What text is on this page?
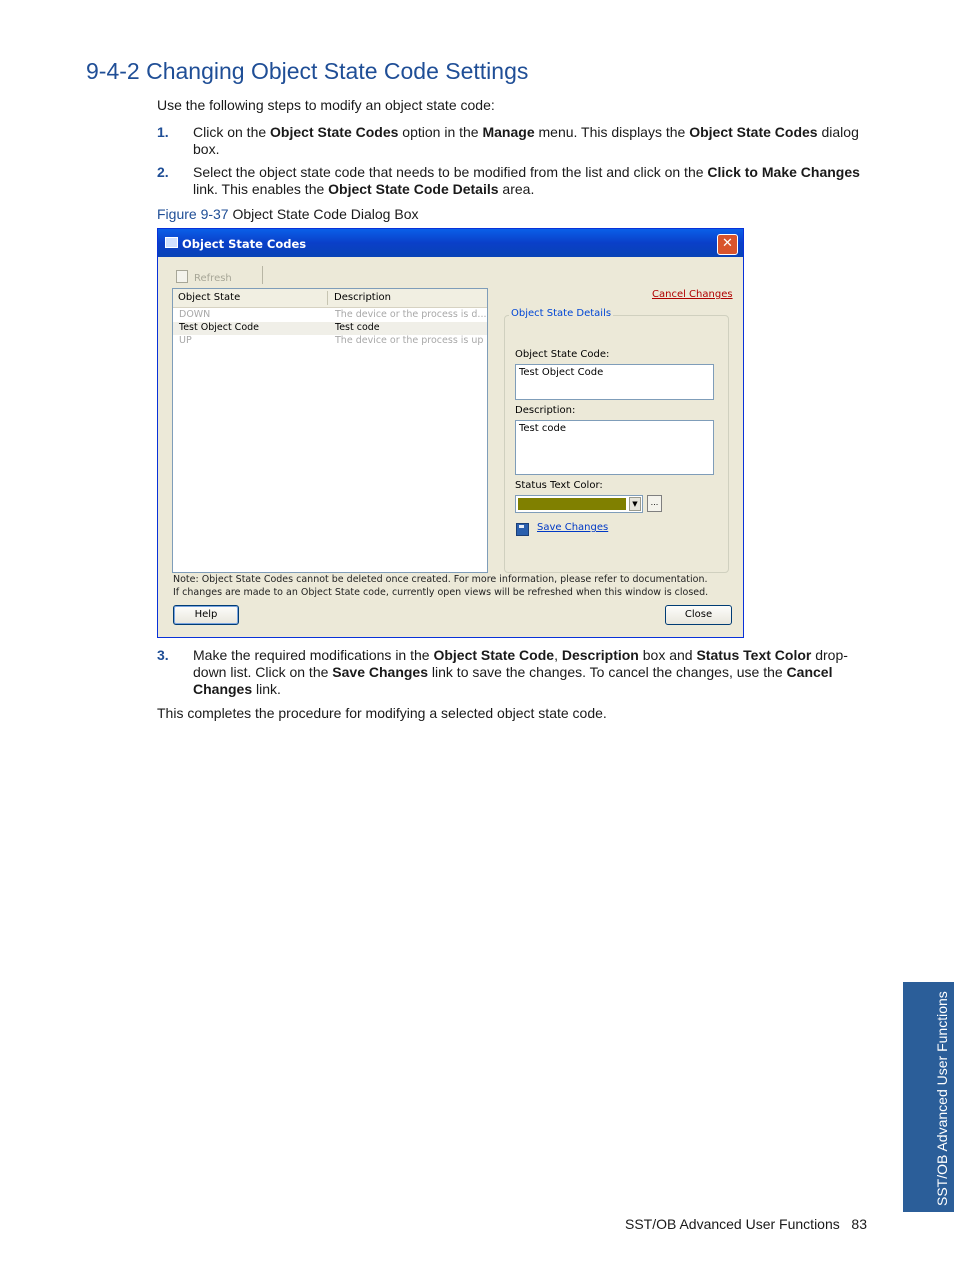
9-4-2 Changing Object State Code Settings

Use the following steps to modify an object state code:

1. Click on the Object State Codes option in the Manage menu. This displays the Object State Codes dialog box.
2. Select the object state code that needs to be modified from the list and click on the Click to Make Changes link. This enables the Object State Code Details area.
Figure 9-37 Object State Code Dialog Box
Object State Codes	✕
Refresh
Object State	Description
DOWN	The device or the process is d...
Test Object Code	Test code
UP	The device or the process is up
Cancel Changes
Object State Details
Object State Code:
Test Object Code
Description:
Test code
Status Text Color:
▼	...
Save Changes
Note: Object State Codes cannot be deleted once created. For more information, please refer to documentation. If changes are made to an Object State code, currently open views will be refreshed when this window is closed.
Help	Close
3. Make the required modifications in the Object State Code, Description box and Status Text Color drop-down list. Click on the Save Changes link to save the changes. To cancel the changes, use the Cancel Changes link.

This completes the procedure for modifying a selected object state code.

SST/OB Advanced User Functions
SST/OB Advanced User Functions 83
